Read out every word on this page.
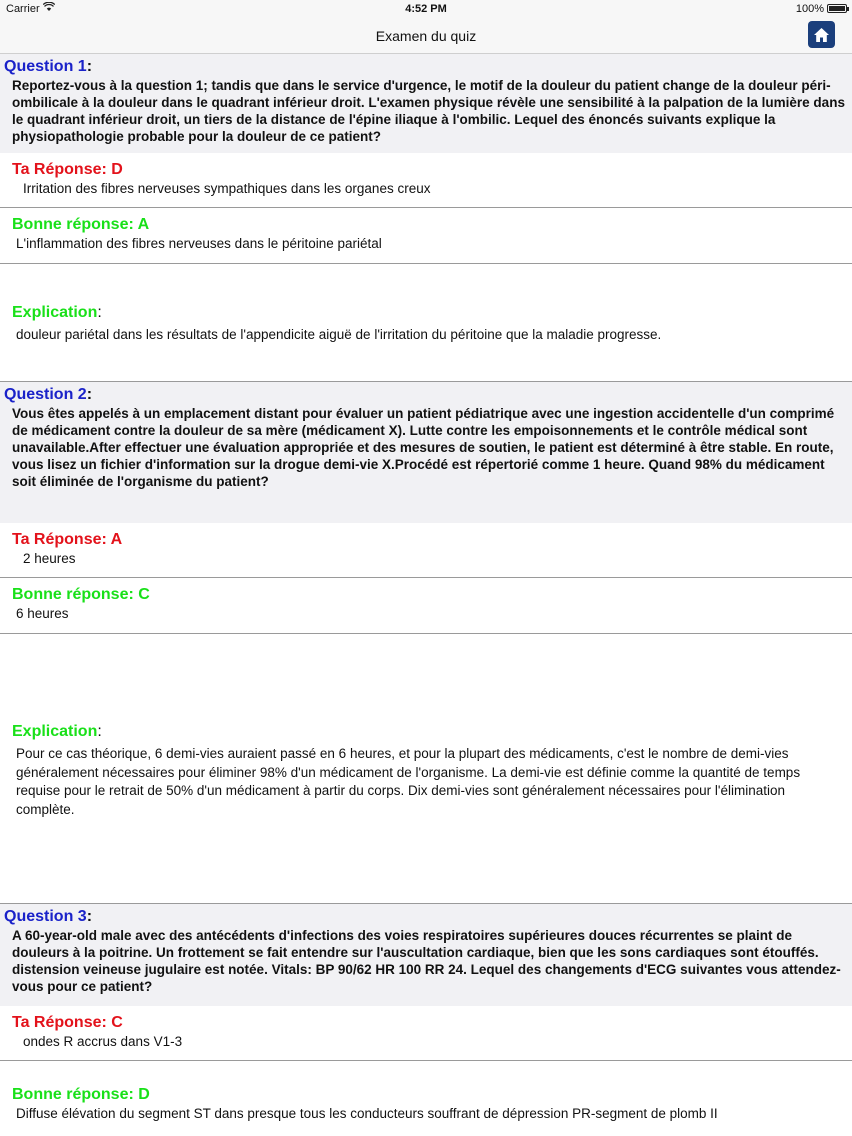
Carrier	4:52 PM	100%
Examen du quiz
Question 1:
Reportez-vous à la question 1; tandis que dans le service d'urgence, le motif de la douleur du patient change de la douleur péri-ombilicale à la douleur dans le quadrant inférieur droit. L'examen physique révèle une sensibilité à la palpation de la lumière dans le quadrant inférieur droit, un tiers de la distance de l'épine iliaque à l'ombilic. Lequel des énoncés suivants explique la physiopathologie probable pour la douleur de ce patient?
Ta Réponse: D
Irritation des fibres nerveuses sympathiques dans les organes creux
Bonne réponse: A
L'inflammation des fibres nerveuses dans le péritoine pariétal
Explication:
douleur pariétal dans les résultats de l'appendicite aiguë de l'irritation du péritoine que la maladie progresse.
Question 2:
Vous êtes appelés à un emplacement distant pour évaluer un patient pédiatrique avec une ingestion accidentelle d'un comprimé de médicament contre la douleur de sa mère (médicament X). Lutte contre les empoisonnements et le contrôle médical sont unavailable.After effectuer une évaluation appropriée et des mesures de soutien, le patient est déterminé à être stable. En route, vous lisez un fichier d'information sur la drogue demi-vie X.Procédé est répertorié comme 1 heure. Quand 98% du médicament soit éliminée de l'organisme du patient?
Ta Réponse: A
2 heures
Bonne réponse: C
6 heures
Explication:
Pour ce cas théorique, 6 demi-vies auraient passé en 6 heures, et pour la plupart des médicaments, c'est le nombre de demi-vies généralement nécessaires pour éliminer 98% d'un médicament de l'organisme. La demi-vie est définie comme la quantité de temps requise pour le retrait de 50% d'un médicament à partir du corps. Dix demi-vies sont généralement nécessaires pour l'élimination complète.
Question 3:
A 60-year-old male avec des antécédents d'infections des voies respiratoires supérieures douces récurrentes se plaint de douleurs à la poitrine. Un frottement se fait entendre sur l'auscultation cardiaque, bien que les sons cardiaques sont étouffés. distension veineuse jugulaire est notée. Vitals: BP 90/62 HR 100 RR 24. Lequel des changements d'ECG suivantes vous attendez-vous pour ce patient?
Ta Réponse: C
ondes R accrus dans V1-3
Bonne réponse: D
Diffuse élévation du segment ST dans presque tous les conducteurs souffrant de dépression PR-segment de plomb II
